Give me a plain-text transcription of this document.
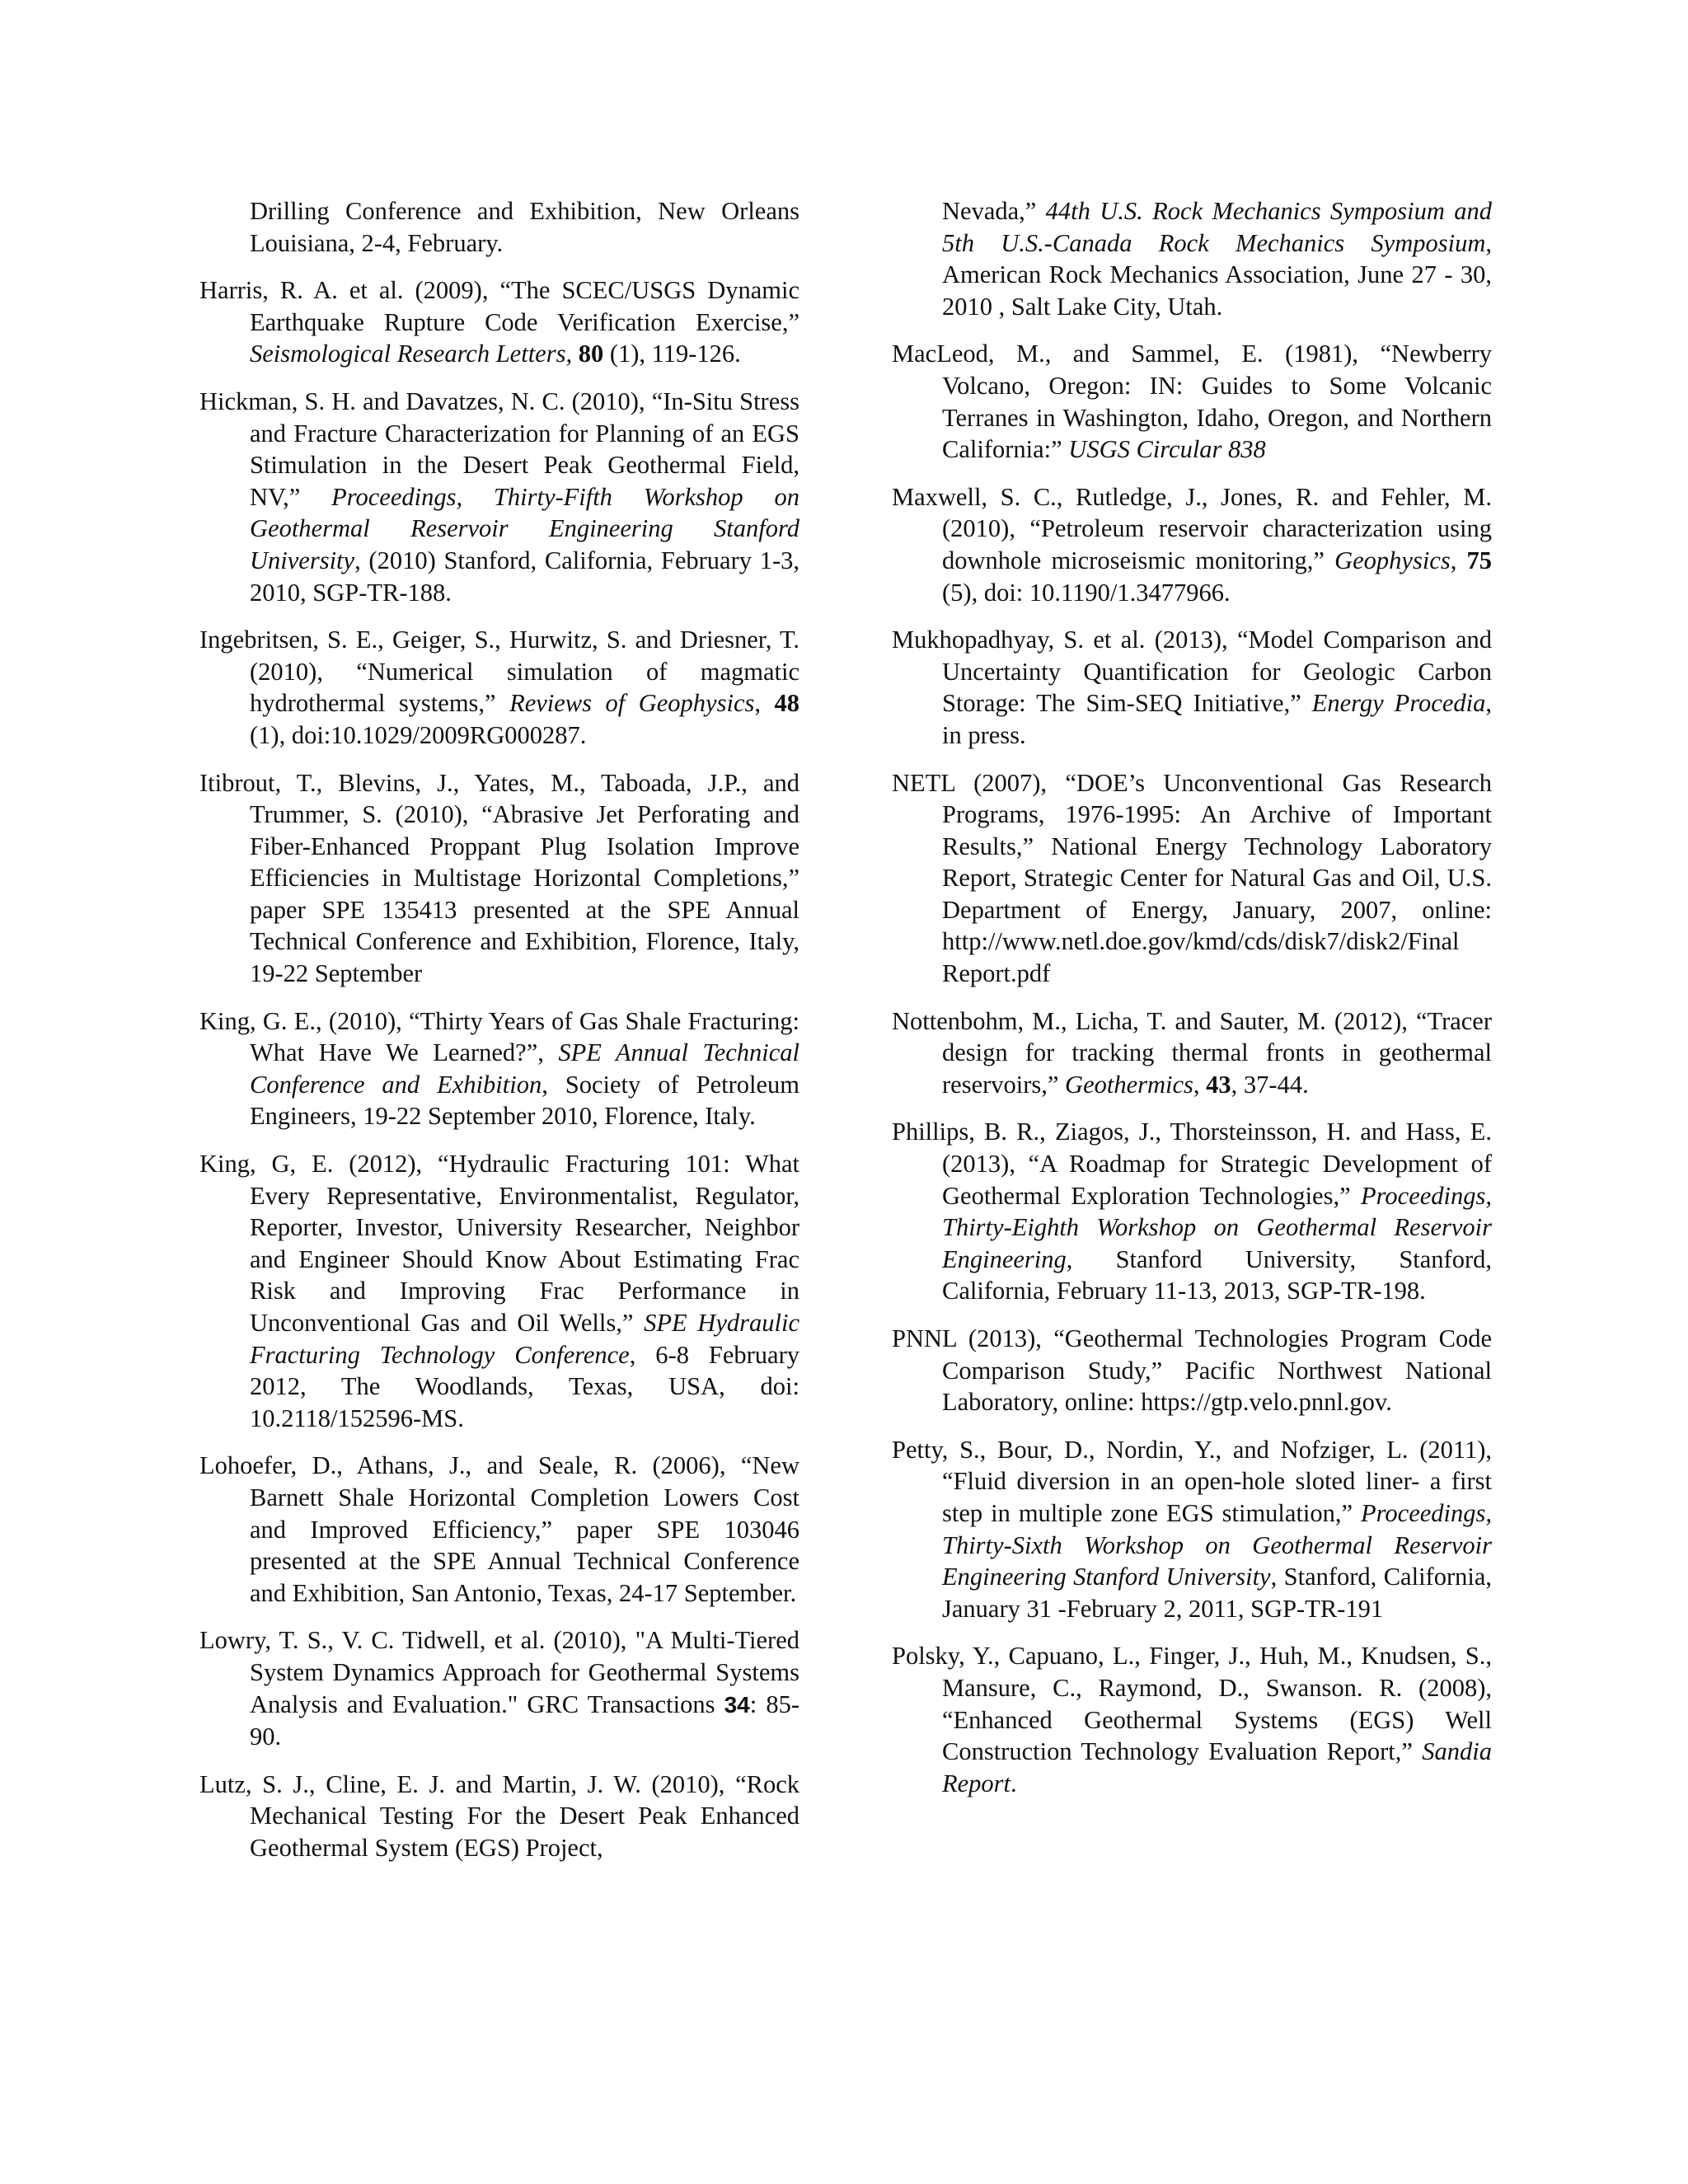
Drilling Conference and Exhibition, New Orleans Louisiana, 2-4, February.

Harris, R. A. et al. (2009), “The SCEC/USGS Dynamic Earthquake Rupture Code Verification Exercise,” Seismological Research Letters, 80 (1), 119-126.

Hickman, S. H. and Davatzes, N. C. (2010), “In-Situ Stress and Fracture Characterization for Planning of an EGS Stimulation in the Desert Peak Geothermal Field, NV,” Proceedings, Thirty-Fifth Workshop on Geothermal Reservoir Engineering Stanford University, (2010) Stanford, California, February 1-3, 2010, SGP-TR-188.

Ingebritsen, S. E., Geiger, S., Hurwitz, S. and Driesner, T. (2010), “Numerical simulation of magmatic hydrothermal systems,” Reviews of Geophysics, 48 (1), doi:10.1029/2009RG000287.

Itibrout, T., Blevins, J., Yates, M., Taboada, J.P., and Trummer, S. (2010), “Abrasive Jet Perforating and Fiber-Enhanced Proppant Plug Isolation Improve Efficiencies in Multistage Horizontal Completions,” paper SPE 135413 presented at the SPE Annual Technical Conference and Exhibition, Florence, Italy, 19-22 September

King, G. E., (2010), “Thirty Years of Gas Shale Fracturing: What Have We Learned?”, SPE Annual Technical Conference and Exhibition, Society of Petroleum Engineers, 19-22 September 2010, Florence, Italy.

King, G, E. (2012), “Hydraulic Fracturing 101: What Every Representative, Environmentalist, Regulator, Reporter, Investor, University Researcher, Neighbor and Engineer Should Know About Estimating Frac Risk and Improving Frac Performance in Unconventional Gas and Oil Wells,” SPE Hydraulic Fracturing Technology Conference, 6-8 February 2012, The Woodlands, Texas, USA, doi: 10.2118/152596-MS.

Lohoefer, D., Athans, J., and Seale, R. (2006), “New Barnett Shale Horizontal Completion Lowers Cost and Improved Efficiency,” paper SPE 103046 presented at the SPE Annual Technical Conference and Exhibition, San Antonio, Texas, 24-17 September.

Lowry, T. S., V. C. Tidwell, et al. (2010), "A Multi-Tiered System Dynamics Approach for Geothermal Systems Analysis and Evaluation." GRC Transactions 34: 85-90.

Lutz, S. J., Cline, E. J. and Martin, J. W. (2010), “Rock Mechanical Testing For the Desert Peak Enhanced Geothermal System (EGS) Project,

Nevada,” 44th U.S. Rock Mechanics Symposium and 5th U.S.-Canada Rock Mechanics Symposium, American Rock Mechanics Association, June 27 - 30, 2010 , Salt Lake City, Utah.

MacLeod, M., and Sammel, E. (1981), “Newberry Volcano, Oregon: IN: Guides to Some Volcanic Terranes in Washington, Idaho, Oregon, and Northern California:” USGS Circular 838

Maxwell, S. C., Rutledge, J., Jones, R. and Fehler, M. (2010), “Petroleum reservoir characterization using downhole microseismic monitoring,” Geophysics, 75 (5), doi: 10.1190/1.3477966.

Mukhopadhyay, S. et al. (2013), “Model Comparison and Uncertainty Quantification for Geologic Carbon Storage: The Sim-SEQ Initiative,” Energy Procedia, in press.

NETL (2007), “DOE’s Unconventional Gas Research Programs, 1976-1995: An Archive of Important Results,” National Energy Technology Laboratory Report, Strategic Center for Natural Gas and Oil, U.S. Department of Energy, January, 2007, online: http://www.netl.doe.gov/kmd/cds/disk7/disk2/Final Report.pdf

Nottenbohm, M., Licha, T. and Sauter, M. (2012), “Tracer design for tracking thermal fronts in geothermal reservoirs,” Geothermics, 43, 37-44.

Phillips, B. R., Ziagos, J., Thorsteinsson, H. and Hass, E. (2013), “A Roadmap for Strategic Development of Geothermal Exploration Technologies,” Proceedings, Thirty-Eighth Workshop on Geothermal Reservoir Engineering, Stanford University, Stanford, California, February 11-13, 2013, SGP-TR-198.

PNNL (2013), “Geothermal Technologies Program Code Comparison Study,” Pacific Northwest National Laboratory, online: https://gtp.velo.pnnl.gov.

Petty, S., Bour, D., Nordin, Y., and Nofziger, L. (2011), “Fluid diversion in an open-hole sloted liner- a first step in multiple zone EGS stimulation,” Proceedings, Thirty-Sixth Workshop on Geothermal Reservoir Engineering Stanford University, Stanford, California, January 31 -February 2, 2011, SGP-TR-191

Polsky, Y., Capuano, L., Finger, J., Huh, M., Knudsen, S., Mansure, C., Raymond, D., Swanson. R. (2008), “Enhanced Geothermal Systems (EGS) Well Construction Technology Evaluation Report,” Sandia Report.
